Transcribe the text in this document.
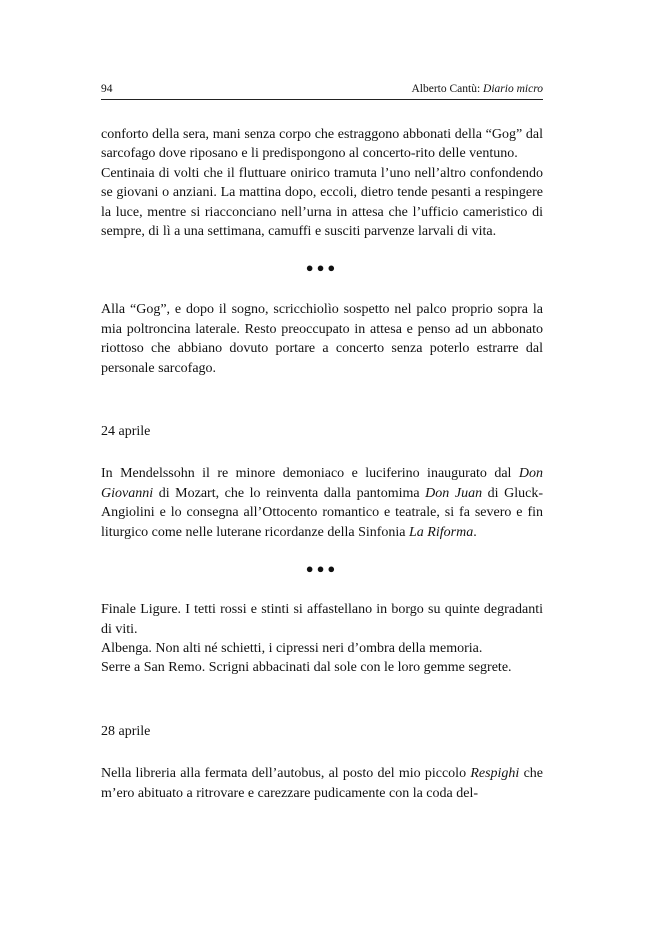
94	Alberto Cantù: Diario micro

conforto della sera, mani senza corpo che estraggono abbonati della “Gog” dal sarcofago dove riposano e li predispongono al concerto-rito delle ventuno.

Centinaia di volti che il fluttuare onirico tramuta l’uno nell’altro confondendo se giovani o anziani. La mattina dopo, eccoli, dietro tende pesanti a respingere la luce, mentre si riacconciano nell’urna in attesa che l’ufficio cameristico di sempre, di lì a una settimana, camuffi e susciti parvenze larvali di vita.

●●●

Alla “Gog”, e dopo il sogno, scricchiolìo sospetto nel palco proprio sopra la mia poltroncina laterale. Resto preoccupato in attesa e penso ad un abbonato riottoso che abbiano dovuto portare a concerto senza poterlo estrarre dal personale sarcofago.

24 aprile

In Mendelssohn il re minore demoniaco e luciferino inaugurato dal Don Giovanni di Mozart, che lo reinventa dalla pantomima Don Juan di Gluck-Angiolini e lo consegna all’Ottocento romantico e teatrale, si fa severo e fin liturgico come nelle luterane ricordanze della Sinfonia La Riforma.

●●●

Finale Ligure. I tetti rossi e stinti si affastellano in borgo su quinte degradanti di viti.

Albenga. Non alti né schietti, i cipressi neri d’ombra della memoria.

Serre a San Remo. Scrigni abbacinati dal sole con le loro gemme segrete.

28 aprile

Nella libreria alla fermata dell’autobus, al posto del mio piccolo Respighi che m’ero abituato a ritrovare e carezzare pudicamente con la coda del-
